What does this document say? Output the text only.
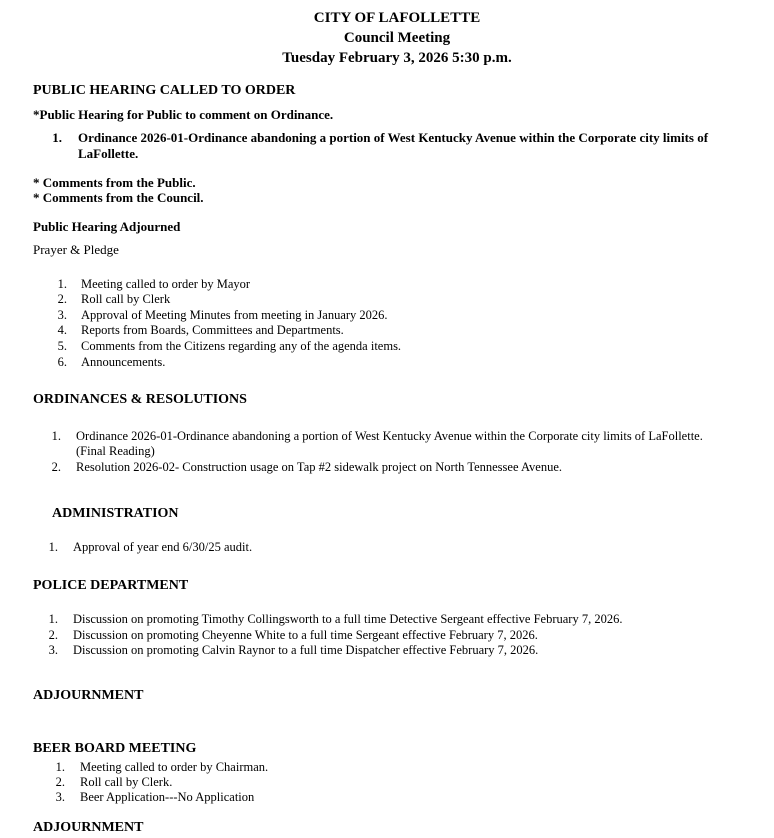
CITY OF LAFOLLETTE
Council Meeting
Tuesday February 3, 2026 5:30 p.m.
PUBLIC HEARING CALLED TO ORDER
*Public Hearing for Public to comment on Ordinance.
1. Ordinance 2026-01-Ordinance abandoning a portion of West Kentucky Avenue within the Corporate city limits of
LaFollette.
* Comments from the Public.
* Comments from the Council.
Public Hearing Adjourned
Prayer & Pledge
1. Meeting called to order by Mayor
2. Roll call by Clerk
3. Approval of Meeting Minutes from meeting in January 2026.
4. Reports from Boards, Committees and Departments.
5. Comments from the Citizens regarding any of the agenda items.
6. Announcements.
ORDINANCES & RESOLUTIONS
1. Ordinance 2026-01-Ordinance abandoning a portion of West Kentucky Avenue within the Corporate city limits of LaFollette.
(Final Reading)
2. Resolution 2026-02- Construction usage on Tap #2 sidewalk project on North Tennessee Avenue.
ADMINISTRATION
1. Approval of year end 6/30/25 audit.
POLICE DEPARTMENT
1. Discussion on promoting Timothy Collingsworth to a full time Detective Sergeant effective February 7, 2026.
2. Discussion on promoting Cheyenne White to a full time Sergeant effective February 7, 2026.
3. Discussion on promoting Calvin Raynor to a full time Dispatcher effective February 7, 2026.
ADJOURNMENT
BEER BOARD MEETING
1. Meeting called to order by Chairman.
2. Roll call by Clerk.
3. Beer Application---No Application
ADJOURNMENT
